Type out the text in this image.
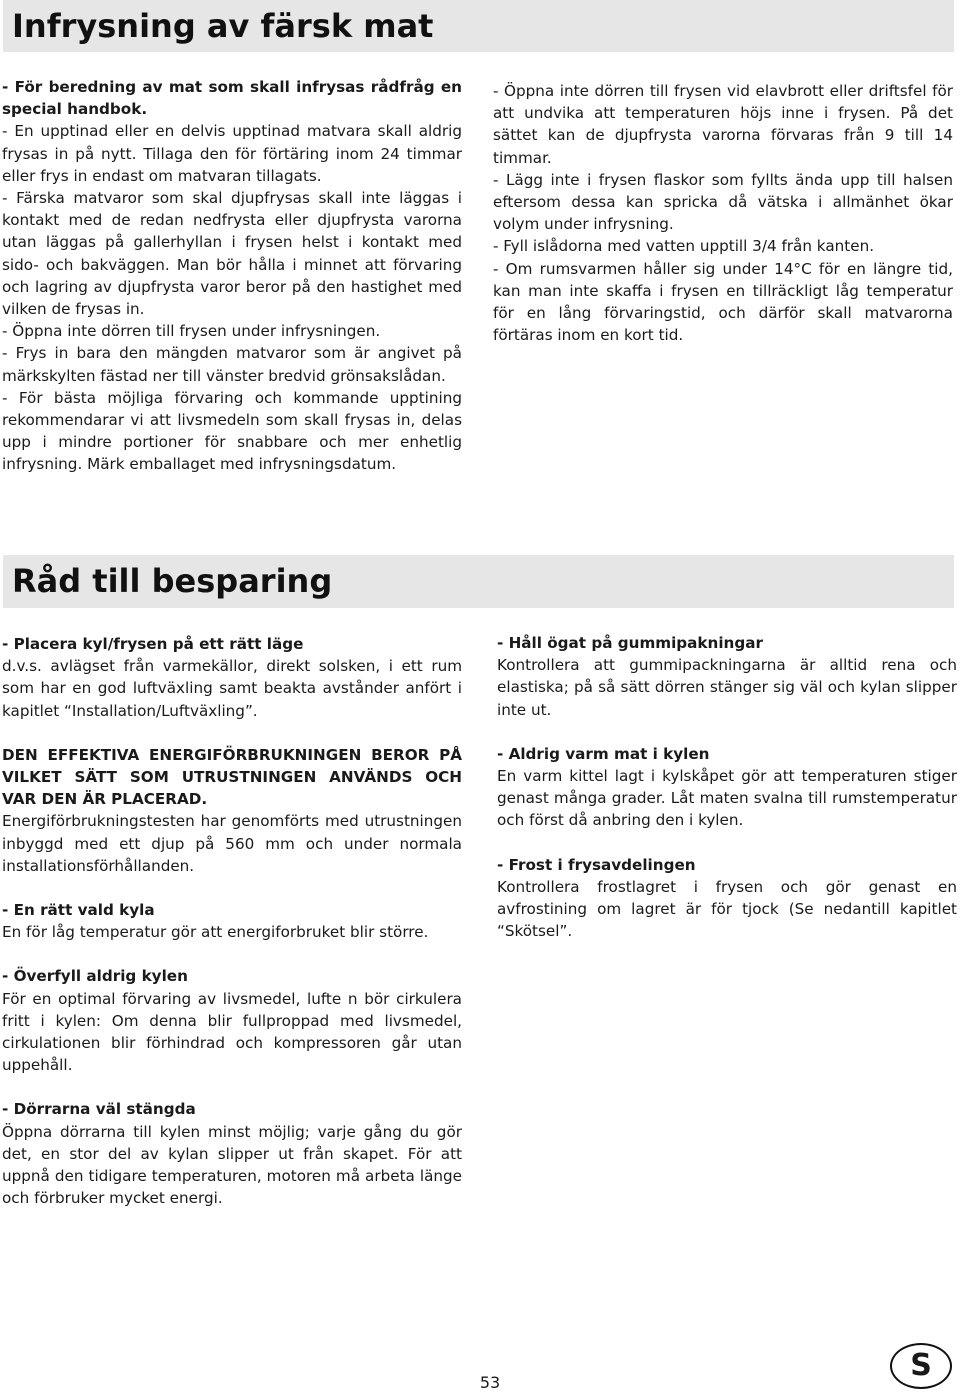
Infrysning av färsk mat

- För beredning av mat som skall infrysas rådfråg en special handbok.

- En upptinad eller en delvis upptinad matvara skall aldrig frysas in på nytt. Tillaga den för förtäring inom 24 timmar eller frys in endast om matvaran tillagats.

- Färska matvaror som skal djupfrysas skall inte läggas i kontakt med de redan nedfrysta eller djupfrysta varorna utan läggas på gallerhyllan i frysen helst i kontakt med sido- och bakväggen. Man bör hålla i minnet att förvaring och lagring av djupfrysta varor beror på den hastighet med vilken de frysas in.

- Öppna inte dörren till frysen under infrysningen.

- Frys in bara den mängden matvaror som är angivet på märkskylten fästad ner till vänster bredvid grönsakslådan.

- För bästa möjliga förvaring och kommande upptining rekommendarar vi att livsmedeln som skall frysas in, delas upp i mindre portioner för snabbare och mer enhetlig infrysning. Märk emballaget med infrysningsdatum.

- Öppna inte dörren till frysen vid elavbrott eller driftsfel för att undvika att temperaturen höjs inne i frysen. På det sättet kan de djupfrysta varorna förvaras från 9 till 14 timmar.

- Lägg inte i frysen flaskor som fyllts ända upp till halsen eftersom dessa kan spricka då vätska i allmänhet ökar volym under infrysning.

- Fyll islådorna med vatten upptill 3/4 från kanten.

- Om rumsvarmen håller sig under 14°C för en längre tid, kan man inte skaffa i frysen en tillräckligt låg temperatur för en lång förvaringstid, och därför skall matvarorna förtäras inom en kort tid.

Råd till besparing

- Placera kyl/frysen på ett rätt läge

d.v.s. avlägset från varmekällor, direkt solsken, i ett rum som har en god luftväxling samt beakta avstånder anfört i kapitlet “Installation/Luftväxling”.

DEN EFFEKTIVA ENERGIFÖRBRUKNINGEN BEROR PÅ VILKET SÄTT SOM UTRUSTNINGEN ANVÄNDS OCH VAR DEN ÄR PLACERAD.

Energiförbrukningstesten har genomförts med utrustningen inbyggd med ett djup på 560 mm och under normala installationsförhållanden.

- En rätt vald kyla

En för låg temperatur gör att energiforbruket blir större.

- Överfyll aldrig kylen

För en optimal förvaring av livsmedel, lufte n bör cirkulera fritt i kylen: Om denna blir fullproppad med livsmedel, cirkulationen blir förhindrad och kompressoren går utan uppehåll.

- Dörrarna väl stängda

Öppna dörrarna till kylen minst möjlig; varje gång du gör det, en stor del av kylan slipper ut från skapet. För att uppnå den tidigare temperaturen, motoren må arbeta länge och förbruker mycket energi.

- Håll ögat på gummipakningar

Kontrollera att gummipackningarna är alltid rena och elastiska; på så sätt dörren stänger sig väl och kylan slipper inte ut.

- Aldrig varm mat i kylen

En varm kittel lagt i kylskåpet gör att temperaturen stiger genast många grader. Låt maten svalna till rumstemperatur och först då anbring den i kylen.

- Frost i frysavdelingen

Kontrollera frostlagret i frysen och gör genast en avfrostining om lagret är för tjock (Se nedantill kapitlet “Skötsel”.

53	S
